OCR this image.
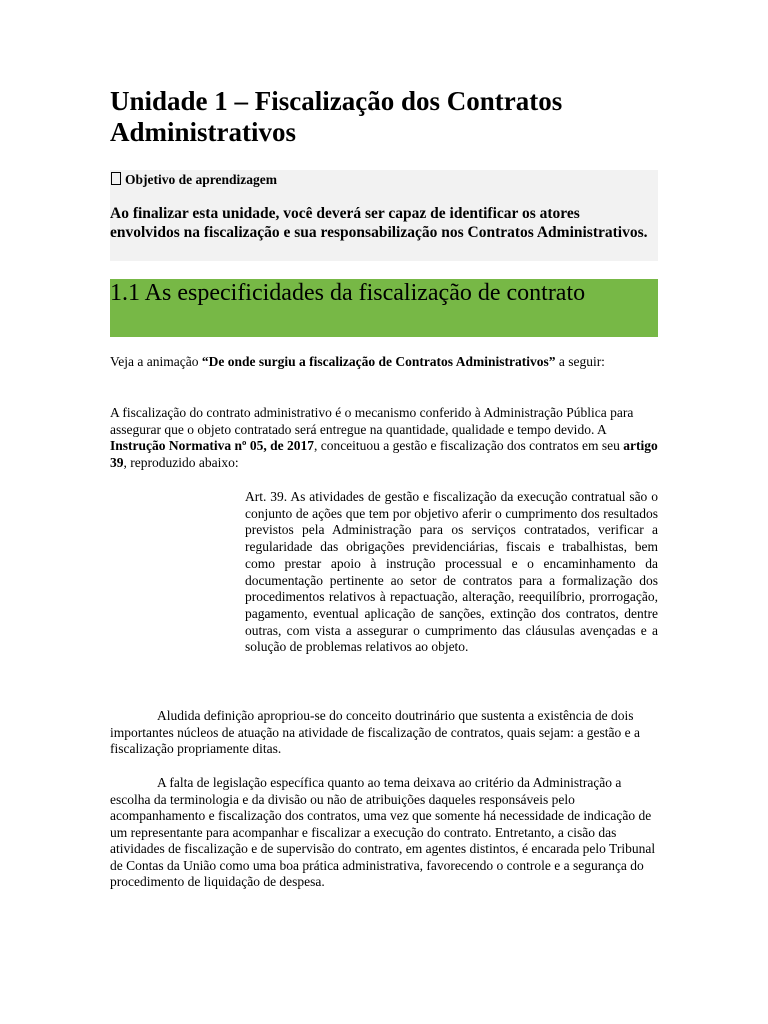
Unidade 1 – Fiscalização dos Contratos Administrativos
Objetivo de aprendizagem

Ao finalizar esta unidade, você deverá ser capaz de identificar os atores envolvidos na fiscalização e sua responsabilização nos Contratos Administrativos.

1.1 As especificidades da fiscalização de contrato

Veja a animação “De onde surgiu a fiscalização de Contratos Administrativos” a seguir:

A fiscalização do contrato administrativo é o mecanismo conferido à Administração Pública para assegurar que o objeto contratado será entregue na quantidade, qualidade e tempo devido. A Instrução Normativa nº 05, de 2017, conceituou a gestão e fiscalização dos contratos em seu artigo 39, reproduzido abaixo:

Art. 39. As atividades de gestão e fiscalização da execução contratual são o conjunto de ações que tem por objetivo aferir o cumprimento dos resultados previstos pela Administração para os serviços contratados, verificar a regularidade das obrigações previdenciárias, fiscais e trabalhistas, bem como prestar apoio à instrução processual e o encaminhamento da documentação pertinente ao setor de contratos para a formalização dos procedimentos relativos à repactuação, alteração, reequilíbrio, prorrogação, pagamento, eventual aplicação de sanções, extinção dos contratos, dentre outras, com vista a assegurar o cumprimento das cláusulas avençadas e a solução de problemas relativos ao objeto.

Aludida definição apropriou-se do conceito doutrinário que sustenta a existência de dois importantes núcleos de atuação na atividade de fiscalização de contratos, quais sejam: a gestão e a fiscalização propriamente ditas.

A falta de legislação específica quanto ao tema deixava ao critério da Administração a escolha da terminologia e da divisão ou não de atribuições daqueles responsáveis pelo acompanhamento e fiscalização dos contratos, uma vez que somente há necessidade de indicação de um representante para acompanhar e fiscalizar a execução do contrato. Entretanto, a cisão das atividades de fiscalização e de supervisão do contrato, em agentes distintos, é encarada pelo Tribunal de Contas da União como uma boa prática administrativa, favorecendo o controle e a segurança do procedimento de liquidação de despesa.
